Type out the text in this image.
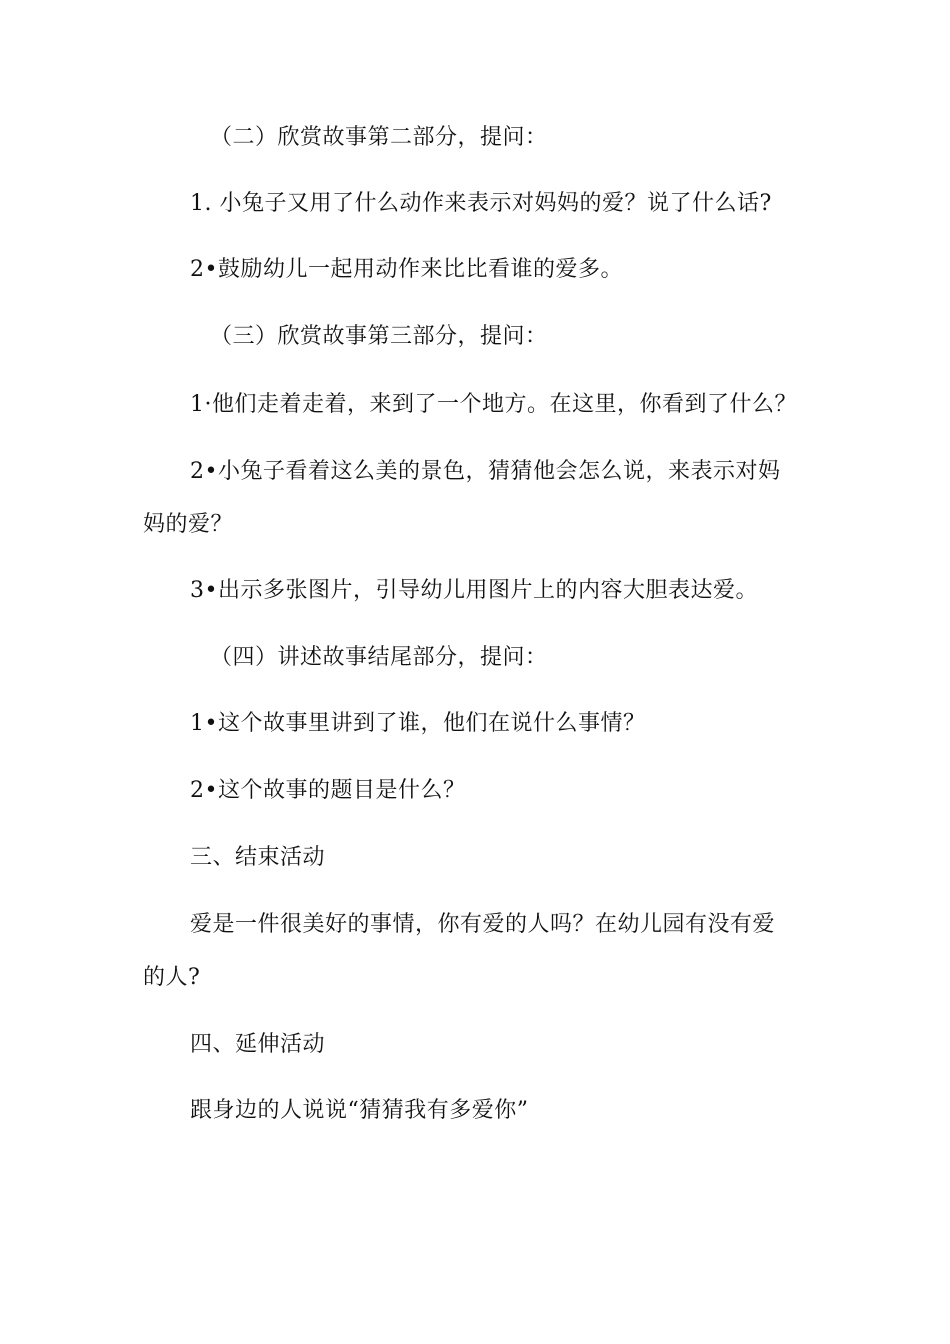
（二）欣赏故事第二部分，提问：
1. 小兔子又用了什么动作来表示对妈妈的爱？说了什么话?
2•鼓励幼儿一起用动作来比比看谁的爱多。
（三）欣赏故事第三部分，提问：
1·他们走着走着，来到了一个地方。在这里，你看到了什么？
2•小兔子看着这么美的景色，猜猜他会怎么说，来表示对妈
妈的爱？
3•出示多张图片，引导幼儿用图片上的内容大胆表达爱。
（四）讲述故事结尾部分，提问：
1•这个故事里讲到了谁，他们在说什么事情？
2•这个故事的题目是什么？
三、结束活动
爱是一件很美好的事情，你有爱的人吗？在幼儿园有没有爱
的人?
四、延伸活动
跟身边的人说说“猜猜我有多爱你”
